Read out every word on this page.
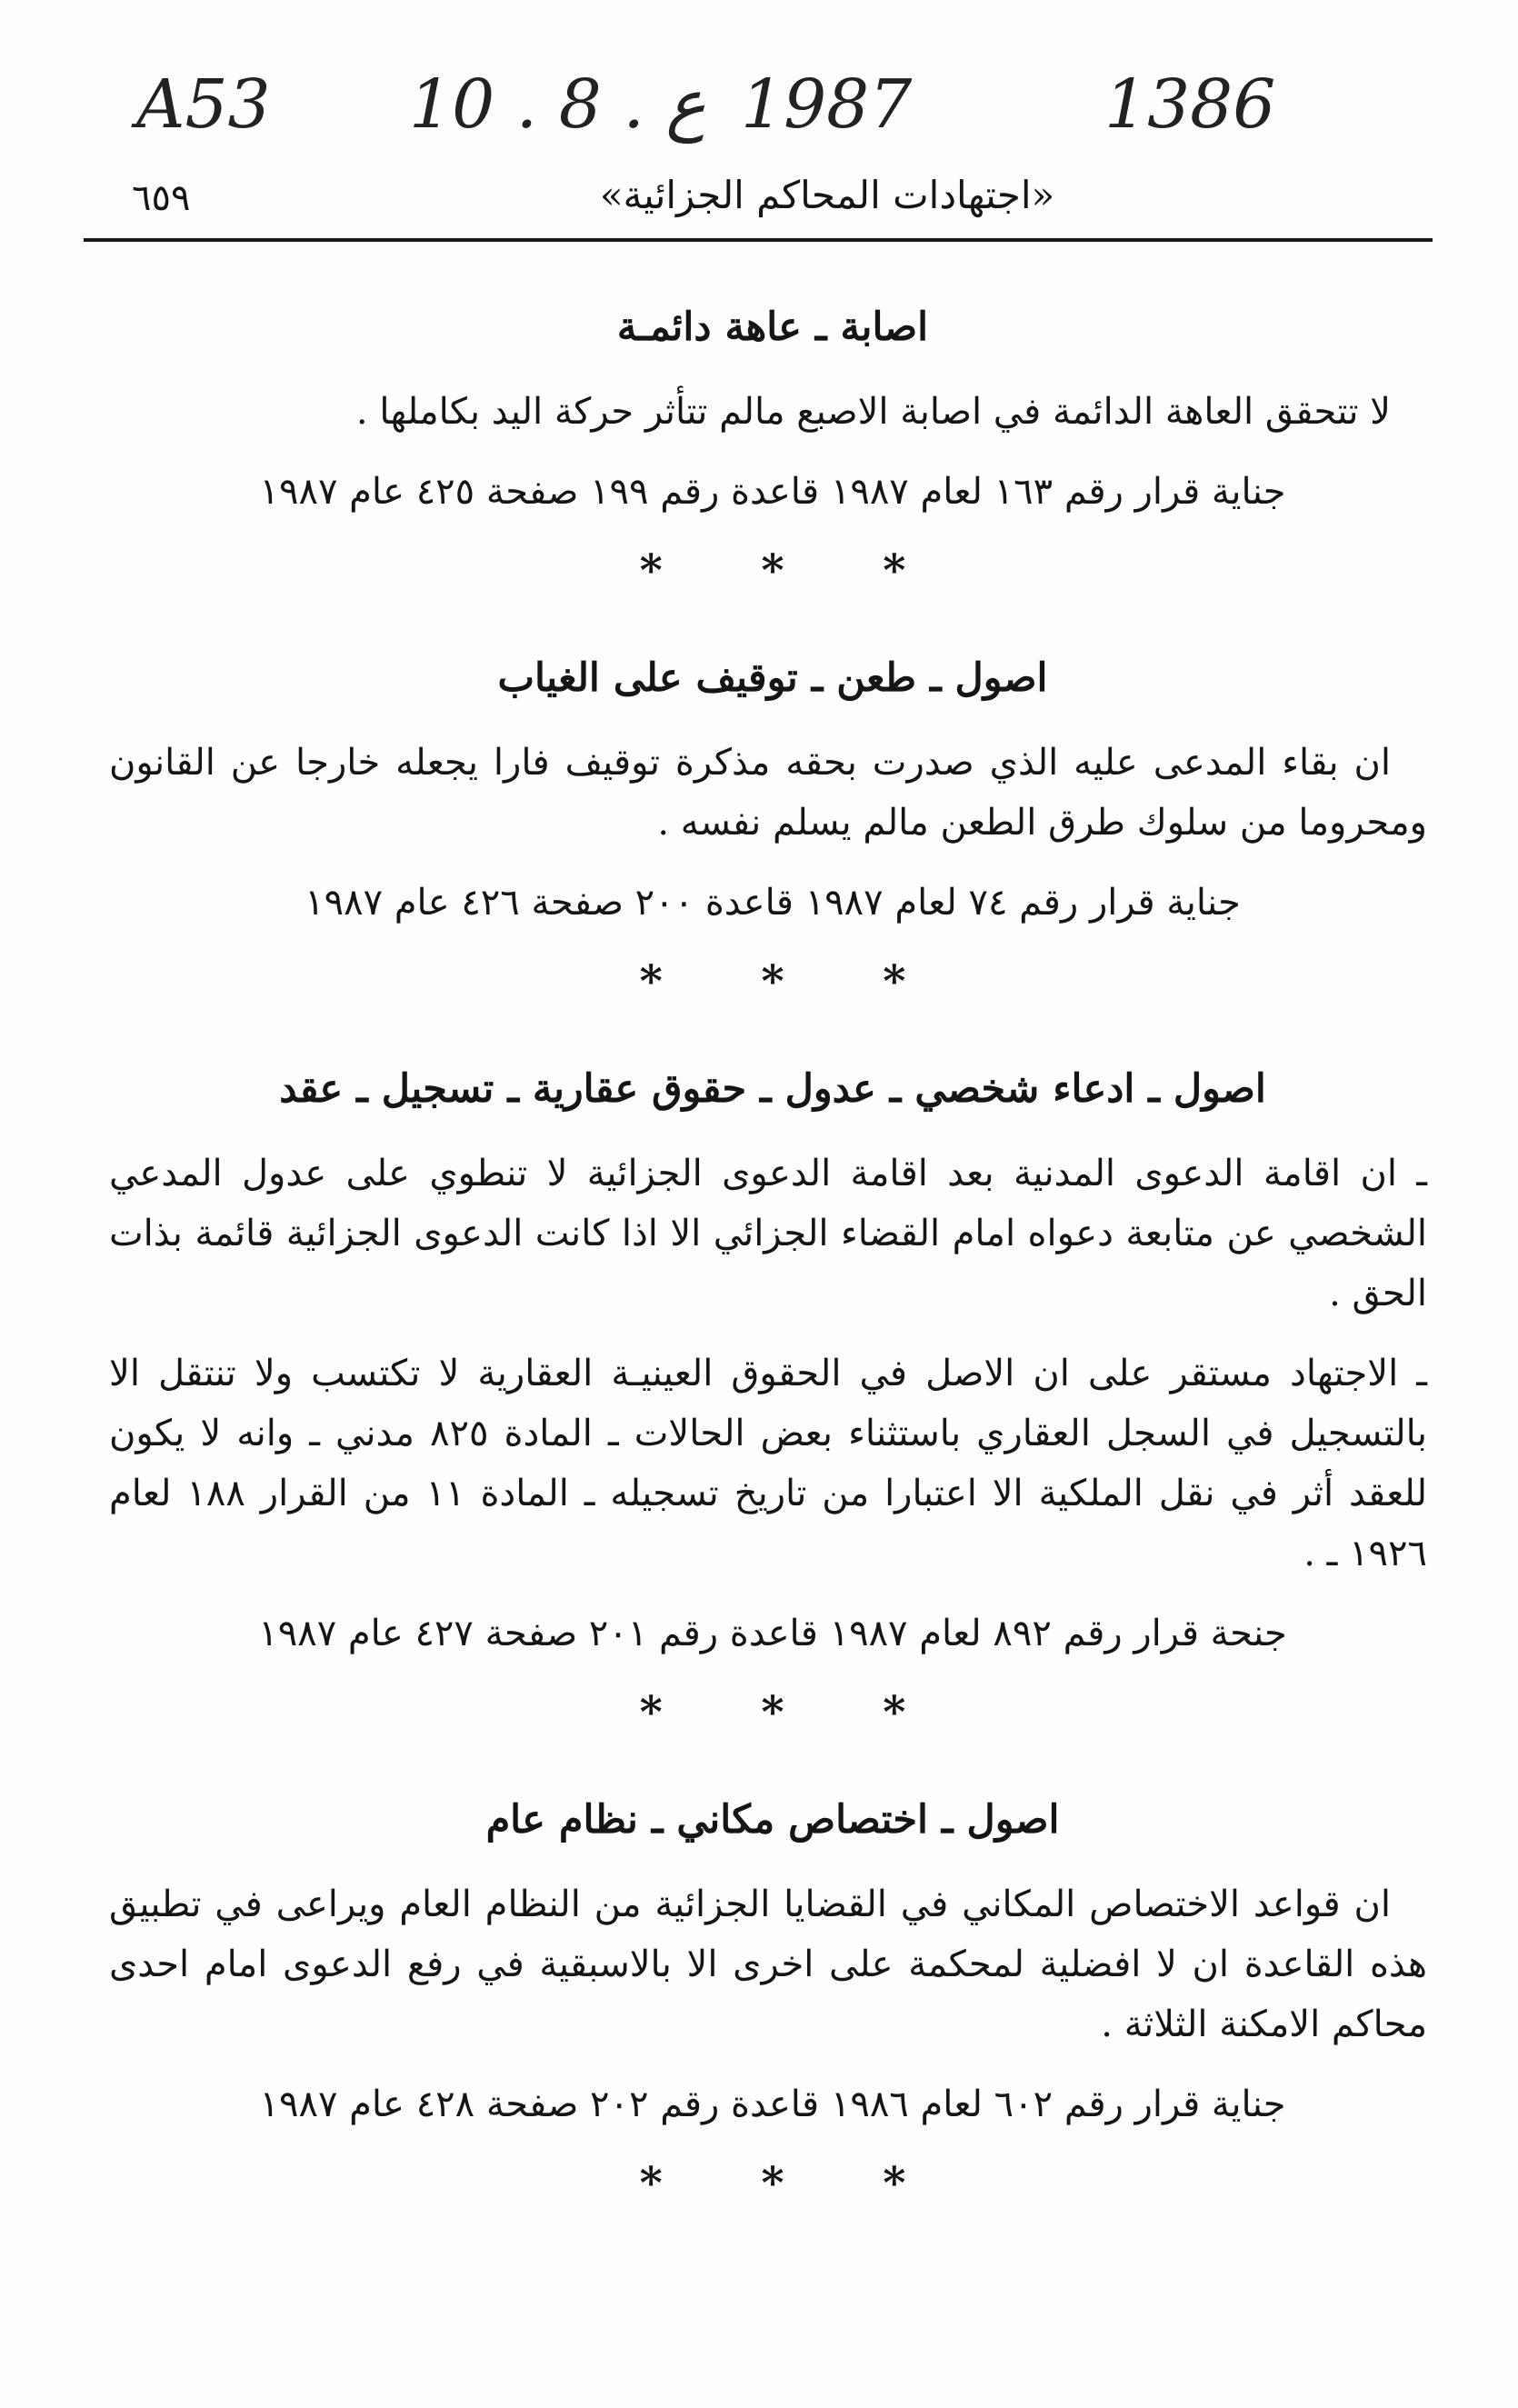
A53 10 . ع . 8 1987	1386
٦٥٩	«اجتهادات المحاكم الجزائية»
اصابة ـ عاهة دائمـة

لا تتحقق العاهة الدائمة في اصابة الاصبع مالم تتأثر حركة اليد بكاملها .

جناية قرار رقم ١٦٣ لعام ١٩٨٧ قاعدة رقم ١٩٩ صفحة ٤٢٥ عام ١٩٨٧
* * *
اصول ـ طعن ـ توقيف على الغياب

ان بقاء المدعى عليه الذي صدرت بحقه مذكرة توقيف فارا يجعله خارجا عن القانون ومحروما من سلوك طرق الطعن مالم يسلم نفسه .

جناية قرار رقم ٧٤ لعام ١٩٨٧ قاعدة ٢٠٠ صفحة ٤٢٦ عام ١٩٨٧
* * *
اصول ـ ادعاء شخصي ـ عدول ـ حقوق عقارية ـ تسجيل ـ عقد

ـ ان اقامة الدعوى المدنية بعد اقامة الدعوى الجزائية لا تنطوي على عدول المدعي الشخصي عن متابعة دعواه امام القضاء الجزائي الا اذا كانت الدعوى الجزائية قائمة بذات الحق .

ـ الاجتهاد مستقر على ان الاصل في الحقوق العينيـة العقارية لا تكتسب ولا تنتقل الا بالتسجيل في السجل العقاري باستثناء بعض الحالات ـ المادة ٨٢٥ مدني ـ وانه لا يكون للعقد أثر في نقل الملكية الا اعتبارا من تاريخ تسجيله ـ المادة ١١ من القرار ١٨٨ لعام ١٩٢٦ ـ .

جنحة قرار رقم ٨٩٢ لعام ١٩٨٧ قاعدة رقم ٢٠١ صفحة ٤٢٧ عام ١٩٨٧
* * *
اصول ـ اختصاص مكاني ـ نظام عام

ان قواعد الاختصاص المكاني في القضايا الجزائية من النظام العام ويراعى في تطبيق هذه القاعدة ان لا افضلية لمحكمة على اخرى الا بالاسبقية في رفع الدعوى امام احدى محاكم الامكنة الثلاثة .

جناية قرار رقم ٦٠٢ لعام ١٩٨٦ قاعدة رقم ٢٠٢ صفحة ٤٢٨ عام ١٩٨٧
* * *
